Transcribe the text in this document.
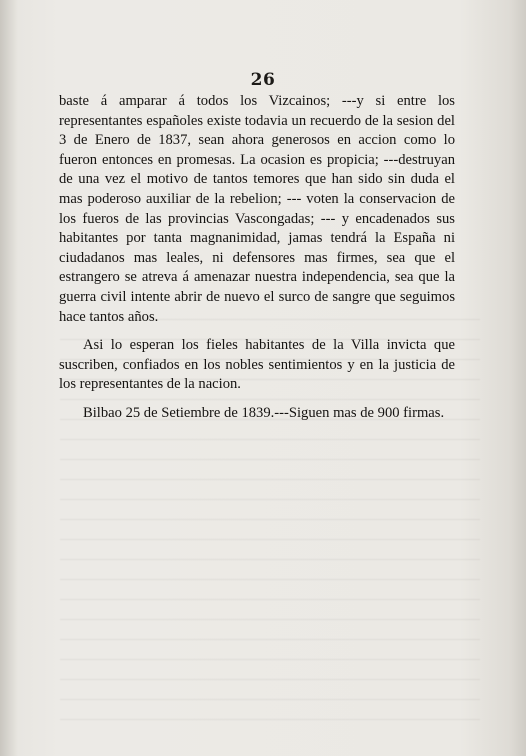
26

baste á amparar á todos los Vizcainos; ---y si entre los representantes españoles existe todavia un recuerdo de la sesion del 3 de Enero de 1837, sean ahora generosos en accion como lo fueron entonces en promesas. La ocasion es propicia; ---destruyan de una vez el motivo de tantos temores que han sido sin duda el mas poderoso auxiliar de la rebelion; --- voten la conservacion de los fueros de las provincias Vascongadas; --- y encadenados sus habitantes por tanta magnanimidad, jamas tendrá la España ni ciudadanos mas leales, ni defensores mas firmes, sea que el estrangero se atreva á amenazar nuestra independencia, sea que la guerra civil intente abrir de nuevo el surco de sangre que seguimos hace tantos años.

Asi lo esperan los fieles habitantes de la Villa invicta que suscriben, confiados en los nobles sentimientos y en la justicia de los representantes de la nacion.

Bilbao 25 de Setiembre de 1839.---Siguen mas de 900 firmas.
